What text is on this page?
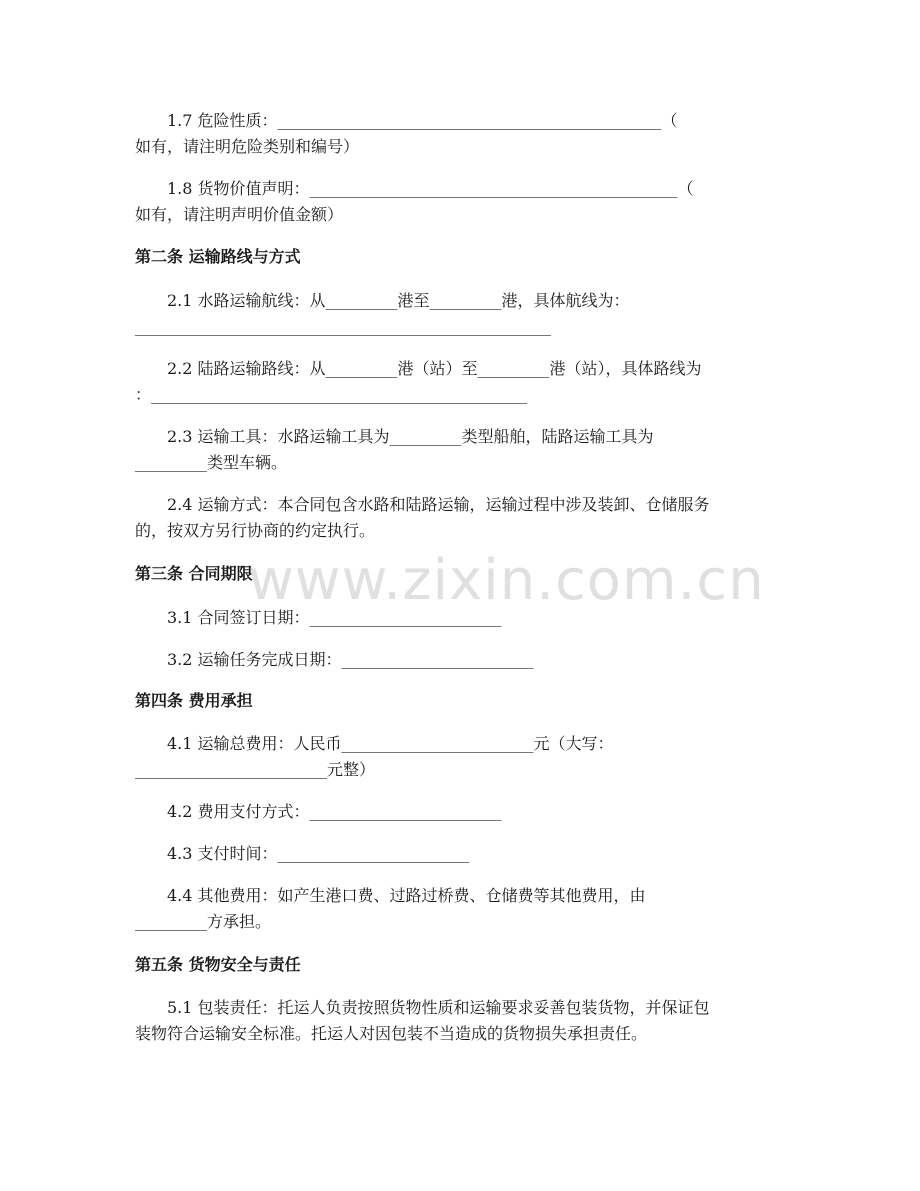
www.zixin.com.cn
　　1.7 危险性质：________________________________________________（
如有，请注明危险类别和编号）
　　1.8 货物价值声明：______________________________________________（
如有，请注明声明价值金额）
第二条 运输路线与方式
　　2.1 水路运输航线：从_________港至_________港，具体航线为：
____________________________________________________
　　2.2 陆路运输路线：从_________港（站）至_________港（站），具体路线为
：_______________________________________________
　　2.3 运输工具：水路运输工具为_________类型船舶，陆路运输工具为
_________类型车辆。
　　2.4 运输方式：本合同包含水路和陆路运输，运输过程中涉及装卸、仓储服务
的，按双方另行协商的约定执行。
第三条 合同期限
　　3.1 合同签订日期：________________________
　　3.2 运输任务完成日期：________________________
第四条 费用承担
　　4.1 运输总费用：人民币________________________元（大写：
________________________元整）
　　4.2 费用支付方式：________________________
　　4.3 支付时间：________________________
　　4.4 其他费用：如产生港口费、过路过桥费、仓储费等其他费用，由
_________方承担。
第五条 货物安全与责任
　　5.1 包装责任：托运人负责按照货物性质和运输要求妥善包装货物，并保证包
装物符合运输安全标准。托运人对因包装不当造成的货物损失承担责任。
